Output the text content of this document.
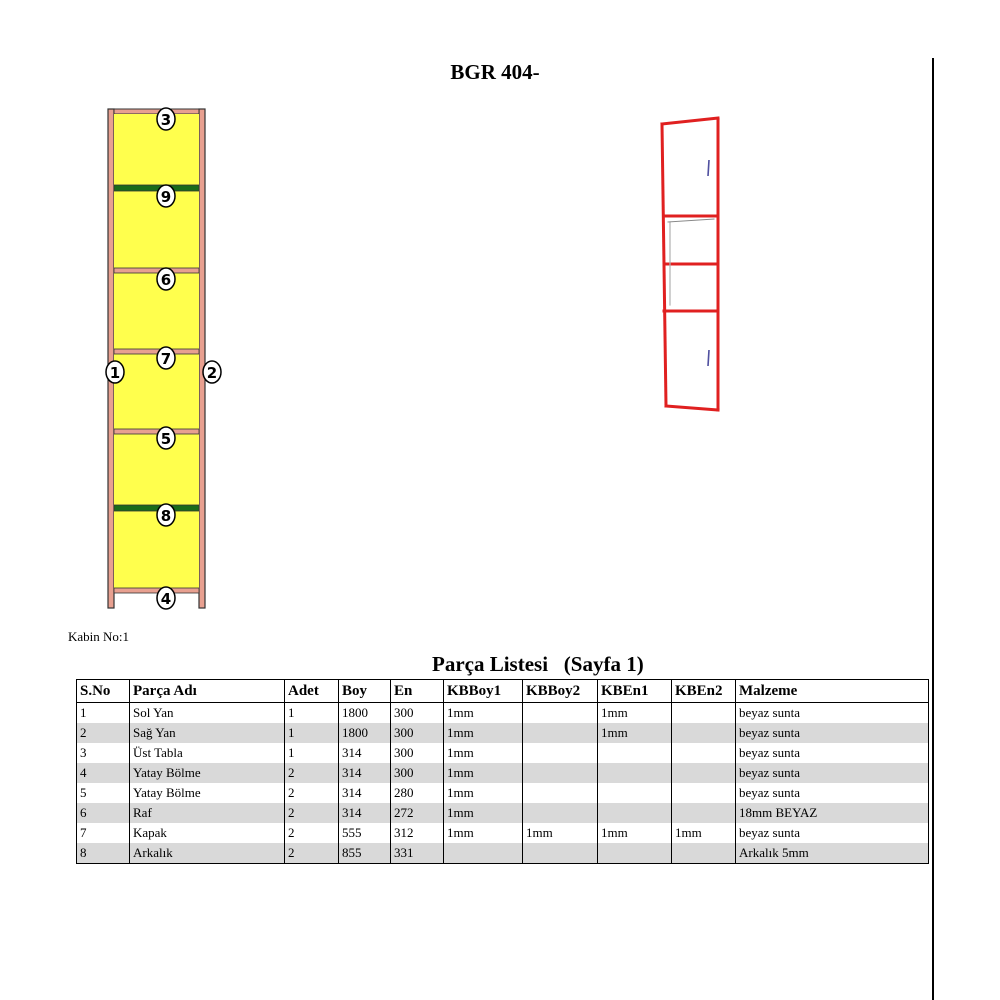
BGR 404-
3
9
6
7
1	2
5
8
4
Kabin No:1
Parça Listesi   (Sayfa 1)
S.No	Parça Adı	Adet	Boy	En	KBBoy1	KBBoy2	KBEn1	KBEn2	Malzeme
1	Sol Yan	1	1800	300	1mm		1mm		beyaz sunta
2	Sağ Yan	1	1800	300	1mm		1mm		beyaz sunta
3	Üst Tabla	1	314	300	1mm				beyaz sunta
4	Yatay Bölme	2	314	300	1mm				beyaz sunta
5	Yatay Bölme	2	314	280	1mm				beyaz sunta
6	Raf	2	314	272	1mm				18mm BEYAZ
7	Kapak	2	555	312	1mm	1mm	1mm	1mm	beyaz sunta
8	Arkalık	2	855	331					Arkalık 5mm
